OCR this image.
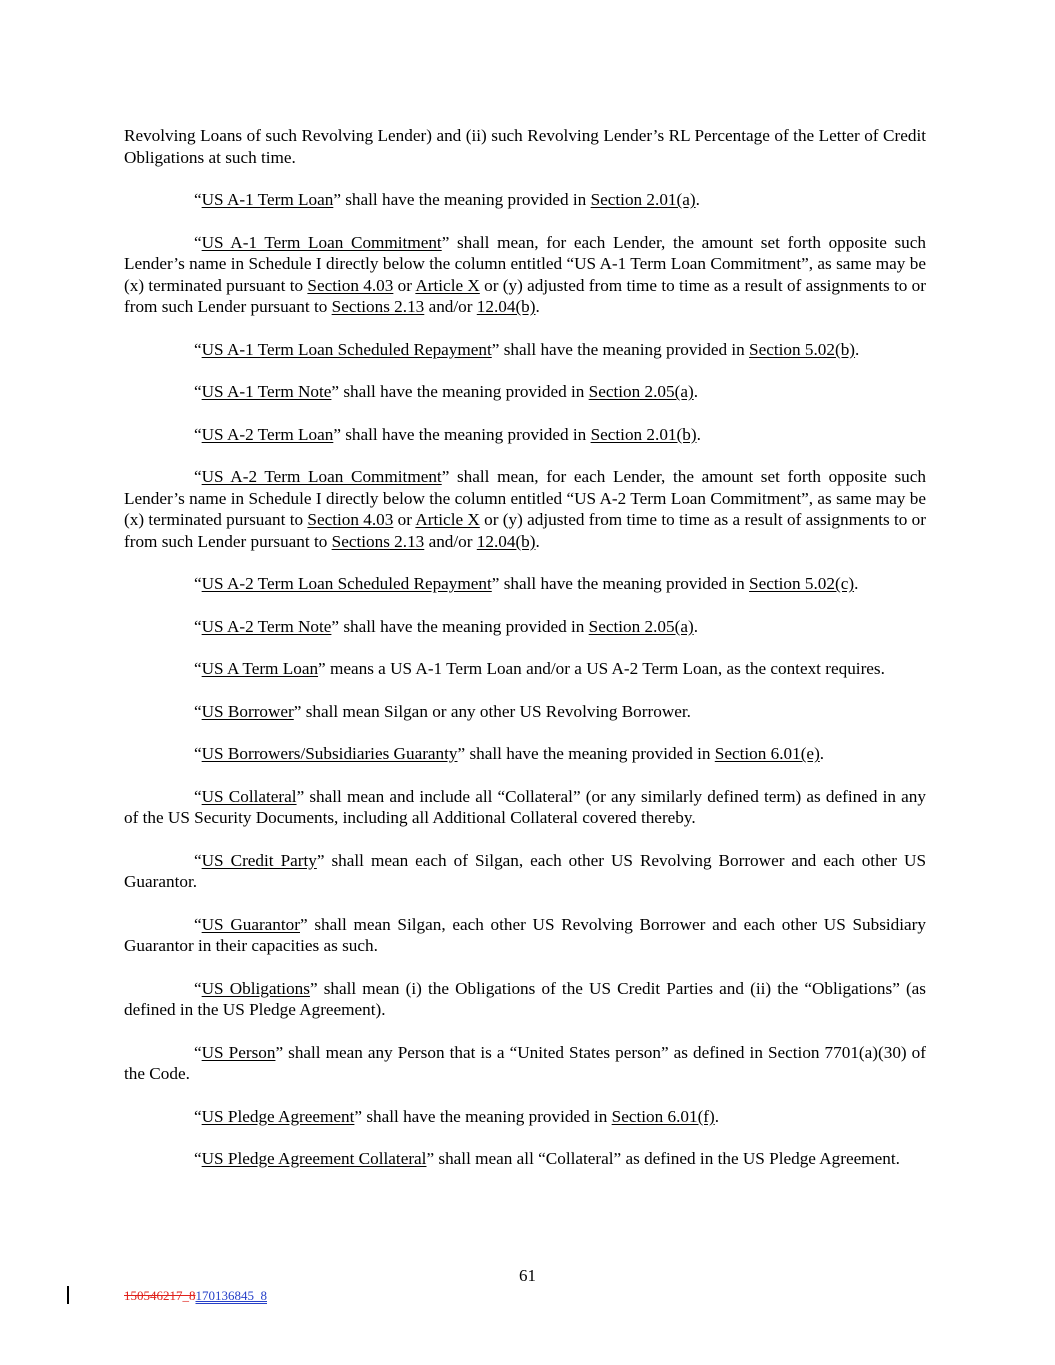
Revolving Loans of such Revolving Lender) and (ii) such Revolving Lender’s RL Percentage of the Letter of Credit Obligations at such time.

“US A-1 Term Loan” shall have the meaning provided in Section 2.01(a).

“US A-1 Term Loan Commitment” shall mean, for each Lender, the amount set forth opposite such Lender’s name in Schedule I directly below the column entitled “US A-1 Term Loan Commitment”, as same may be (x) terminated pursuant to Section 4.03 or Article X or (y) adjusted from time to time as a result of assignments to or from such Lender pursuant to Sections 2.13 and/or 12.04(b).

“US A-1 Term Loan Scheduled Repayment” shall have the meaning provided in Section 5.02(b).

“US A-1 Term Note” shall have the meaning provided in Section 2.05(a).

“US A-2 Term Loan” shall have the meaning provided in Section 2.01(b).

“US A-2 Term Loan Commitment” shall mean, for each Lender, the amount set forth opposite such Lender’s name in Schedule I directly below the column entitled “US A-2 Term Loan Commitment”, as same may be (x) terminated pursuant to Section 4.03 or Article X or (y) adjusted from time to time as a result of assignments to or from such Lender pursuant to Sections 2.13 and/or 12.04(b).

“US A-2 Term Loan Scheduled Repayment” shall have the meaning provided in Section 5.02(c).

“US A-2 Term Note” shall have the meaning provided in Section 2.05(a).

“US A Term Loan” means a US A-1 Term Loan and/or a US A-2 Term Loan, as the context requires.

“US Borrower” shall mean Silgan or any other US Revolving Borrower.

“US Borrowers/Subsidiaries Guaranty” shall have the meaning provided in Section 6.01(e).

“US Collateral” shall mean and include all “Collateral” (or any similarly defined term) as defined in any of the US Security Documents, including all Additional Collateral covered thereby.

“US Credit Party” shall mean each of Silgan, each other US Revolving Borrower and each other US Guarantor.

“US Guarantor” shall mean Silgan, each other US Revolving Borrower and each other US Subsidiary Guarantor in their capacities as such.

“US Obligations” shall mean (i) the Obligations of the US Credit Parties and (ii) the “Obligations” (as defined in the US Pledge Agreement).

“US Person” shall mean any Person that is a “United States person” as defined in Section 7701(a)(30) of the Code.

“US Pledge Agreement” shall have the meaning provided in Section 6.01(f).

“US Pledge Agreement Collateral” shall mean all “Collateral” as defined in the US Pledge Agreement.

61
150546217_8170136845_8
